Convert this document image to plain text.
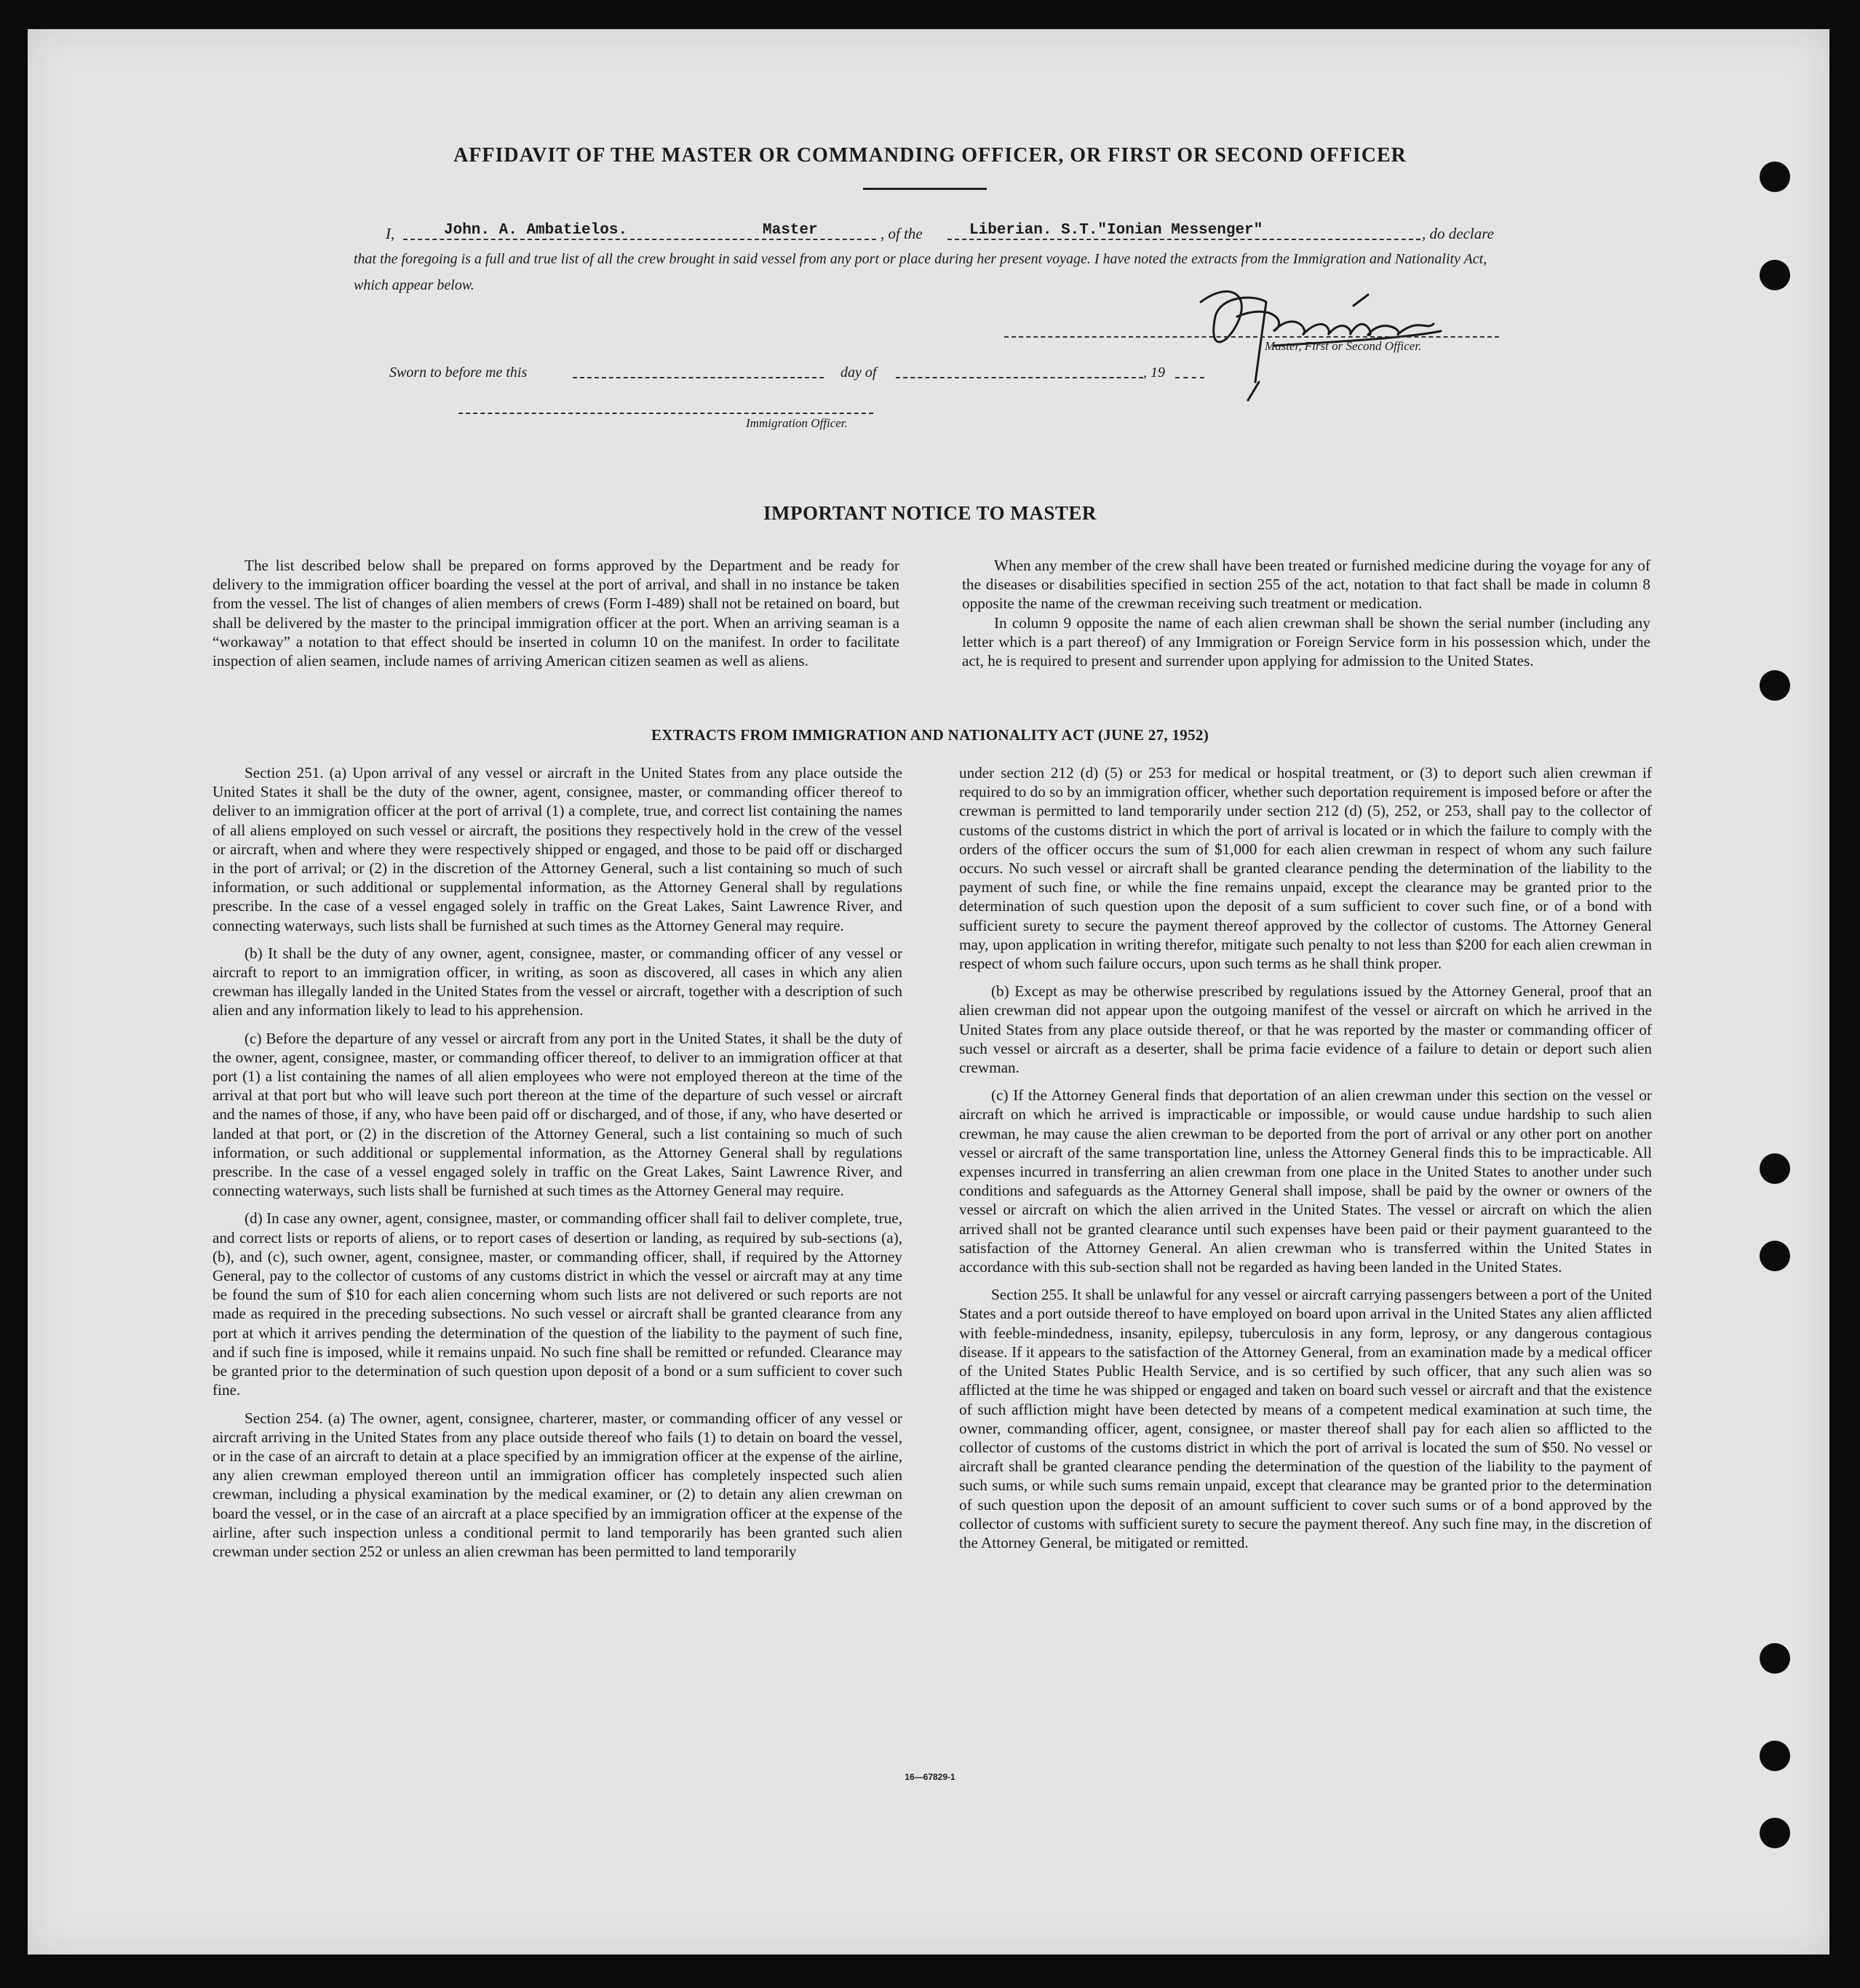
AFFIDAVIT OF THE MASTER OR COMMANDING OFFICER, OR FIRST OR SECOND OFFICER
I,	John. A. Ambatielos.	Master	, of the	Liberian. S.T."Ionian Messenger"	, do declare
that the foregoing is a full and true list of all the crew brought in said vessel from any port or place during her present voyage. I have noted the extracts from the Immigration and Nationality Act, which appear below.
Master, First or Second Officer.
Sworn to before me this	day of	, 19
Immigration Officer.
IMPORTANT NOTICE TO MASTER

The list described below shall be prepared on forms approved by the Department and be ready for delivery to the immigration officer boarding the vessel at the port of arrival, and shall in no instance be taken from the vessel. The list of changes of alien members of crews (Form I-489) shall not be retained on board, but shall be delivered by the master to the principal immigration officer at the port. When an arriving seaman is a “workaway” a notation to that effect should be inserted in column 10 on the manifest. In order to facilitate inspection of alien seamen, include names of arriving American citizen seamen as well as aliens.

When any member of the crew shall have been treated or furnished medicine during the voyage for any of the diseases or disabilities specified in section 255 of the act, notation to that fact shall be made in column 8 opposite the name of the crewman receiving such treatment or medication.

In column 9 opposite the name of each alien crewman shall be shown the serial number (including any letter which is a part thereof) of any Immigration or Foreign Service form in his possession which, under the act, he is required to present and surrender upon applying for admission to the United States.

EXTRACTS FROM IMMIGRATION AND NATIONALITY ACT (JUNE 27, 1952)

Section 251. (a) Upon arrival of any vessel or aircraft in the United States from any place outside the United States it shall be the duty of the owner, agent, consignee, master, or commanding officer thereof to deliver to an immigration officer at the port of arrival (1) a complete, true, and correct list containing the names of all aliens employed on such vessel or aircraft, the positions they respectively hold in the crew of the vessel or aircraft, when and where they were respectively shipped or engaged, and those to be paid off or discharged in the port of arrival; or (2) in the discretion of the Attorney General, such a list containing so much of such information, or such additional or supplemental information, as the Attorney General shall by regulations prescribe. In the case of a vessel engaged solely in traffic on the Great Lakes, Saint Lawrence River, and connecting waterways, such lists shall be furnished at such times as the Attorney General may require.

(b) It shall be the duty of any owner, agent, consignee, master, or commanding officer of any vessel or aircraft to report to an immigration officer, in writing, as soon as discovered, all cases in which any alien crewman has illegally landed in the United States from the vessel or aircraft, together with a description of such alien and any information likely to lead to his apprehension.

(c) Before the departure of any vessel or aircraft from any port in the United States, it shall be the duty of the owner, agent, consignee, master, or commanding officer thereof, to deliver to an immigration officer at that port (1) a list containing the names of all alien employees who were not employed thereon at the time of the arrival at that port but who will leave such port thereon at the time of the departure of such vessel or aircraft and the names of those, if any, who have been paid off or discharged, and of those, if any, who have deserted or landed at that port, or (2) in the discretion of the Attorney General, such a list containing so much of such information, or such additional or supplemental information, as the Attorney General shall by regulations prescribe. In the case of a vessel engaged solely in traffic on the Great Lakes, Saint Lawrence River, and connecting waterways, such lists shall be furnished at such times as the Attorney General may require.

(d) In case any owner, agent, consignee, master, or commanding officer shall fail to deliver complete, true, and correct lists or reports of aliens, or to report cases of desertion or landing, as required by sub-sections (a), (b), and (c), such owner, agent, consignee, master, or commanding officer, shall, if required by the Attorney General, pay to the collector of customs of any customs district in which the vessel or aircraft may at any time be found the sum of $10 for each alien concerning whom such lists are not delivered or such reports are not made as required in the preceding subsections. No such vessel or aircraft shall be granted clearance from any port at which it arrives pending the determination of the question of the liability to the payment of such fine, and if such fine is imposed, while it remains unpaid. No such fine shall be remitted or refunded. Clearance may be granted prior to the determination of such question upon deposit of a bond or a sum sufficient to cover such fine.

Section 254. (a) The owner, agent, consignee, charterer, master, or commanding officer of any vessel or aircraft arriving in the United States from any place outside thereof who fails (1) to detain on board the vessel, or in the case of an aircraft to detain at a place specified by an immigration officer at the expense of the airline, any alien crewman employed thereon until an immigration officer has completely inspected such alien crewman, including a physical examination by the medical examiner, or (2) to detain any alien crewman on board the vessel, or in the case of an aircraft at a place specified by an immigration officer at the expense of the airline, after such inspection unless a conditional permit to land temporarily has been granted such alien crewman under section 252 or unless an alien crewman has been permitted to land temporarily

under section 212 (d) (5) or 253 for medical or hospital treatment, or (3) to deport such alien crewman if required to do so by an immigration officer, whether such deportation requirement is imposed before or after the crewman is permitted to land temporarily under section 212 (d) (5), 252, or 253, shall pay to the collector of customs of the customs district in which the port of arrival is located or in which the failure to comply with the orders of the officer occurs the sum of $1,000 for each alien crewman in respect of whom any such failure occurs. No such vessel or aircraft shall be granted clearance pending the determination of the liability to the payment of such fine, or while the fine remains unpaid, except the clearance may be granted prior to the determination of such question upon the deposit of a sum sufficient to cover such fine, or of a bond with sufficient surety to secure the payment thereof approved by the collector of customs. The Attorney General may, upon application in writing therefor, mitigate such penalty to not less than $200 for each alien crewman in respect of whom such failure occurs, upon such terms as he shall think proper.

(b) Except as may be otherwise prescribed by regulations issued by the Attorney General, proof that an alien crewman did not appear upon the outgoing manifest of the vessel or aircraft on which he arrived in the United States from any place outside thereof, or that he was reported by the master or commanding officer of such vessel or aircraft as a deserter, shall be prima facie evidence of a failure to detain or deport such alien crewman.

(c) If the Attorney General finds that deportation of an alien crewman under this section on the vessel or aircraft on which he arrived is impracticable or impossible, or would cause undue hardship to such alien crewman, he may cause the alien crewman to be deported from the port of arrival or any other port on another vessel or aircraft of the same transportation line, unless the Attorney General finds this to be impracticable. All expenses incurred in transferring an alien crewman from one place in the United States to another under such conditions and safeguards as the Attorney General shall impose, shall be paid by the owner or owners of the vessel or aircraft on which the alien arrived in the United States. The vessel or aircraft on which the alien arrived shall not be granted clearance until such expenses have been paid or their payment guaranteed to the satisfaction of the Attorney General. An alien crewman who is transferred within the United States in accordance with this sub-section shall not be regarded as having been landed in the United States.

Section 255. It shall be unlawful for any vessel or aircraft carrying passengers between a port of the United States and a port outside thereof to have employed on board upon arrival in the United States any alien afflicted with feeble-mindedness, insanity, epilepsy, tuberculosis in any form, leprosy, or any dangerous contagious disease. If it appears to the satisfaction of the Attorney General, from an examination made by a medical officer of the United States Public Health Service, and is so certified by such officer, that any such alien was so afflicted at the time he was shipped or engaged and taken on board such vessel or aircraft and that the existence of such affliction might have been detected by means of a competent medical examination at such time, the owner, commanding officer, agent, consignee, or master thereof shall pay for each alien so afflicted to the collector of customs of the customs district in which the port of arrival is located the sum of $50. No vessel or aircraft shall be granted clearance pending the determination of the question of the liability to the payment of such sums, or while such sums remain unpaid, except that clearance may be granted prior to the determination of such question upon the deposit of an amount sufficient to cover such sums or of a bond approved by the collector of customs with sufficient surety to secure the payment thereof. Any such fine may, in the discretion of the Attorney General, be mitigated or remitted.

16—67829-1
